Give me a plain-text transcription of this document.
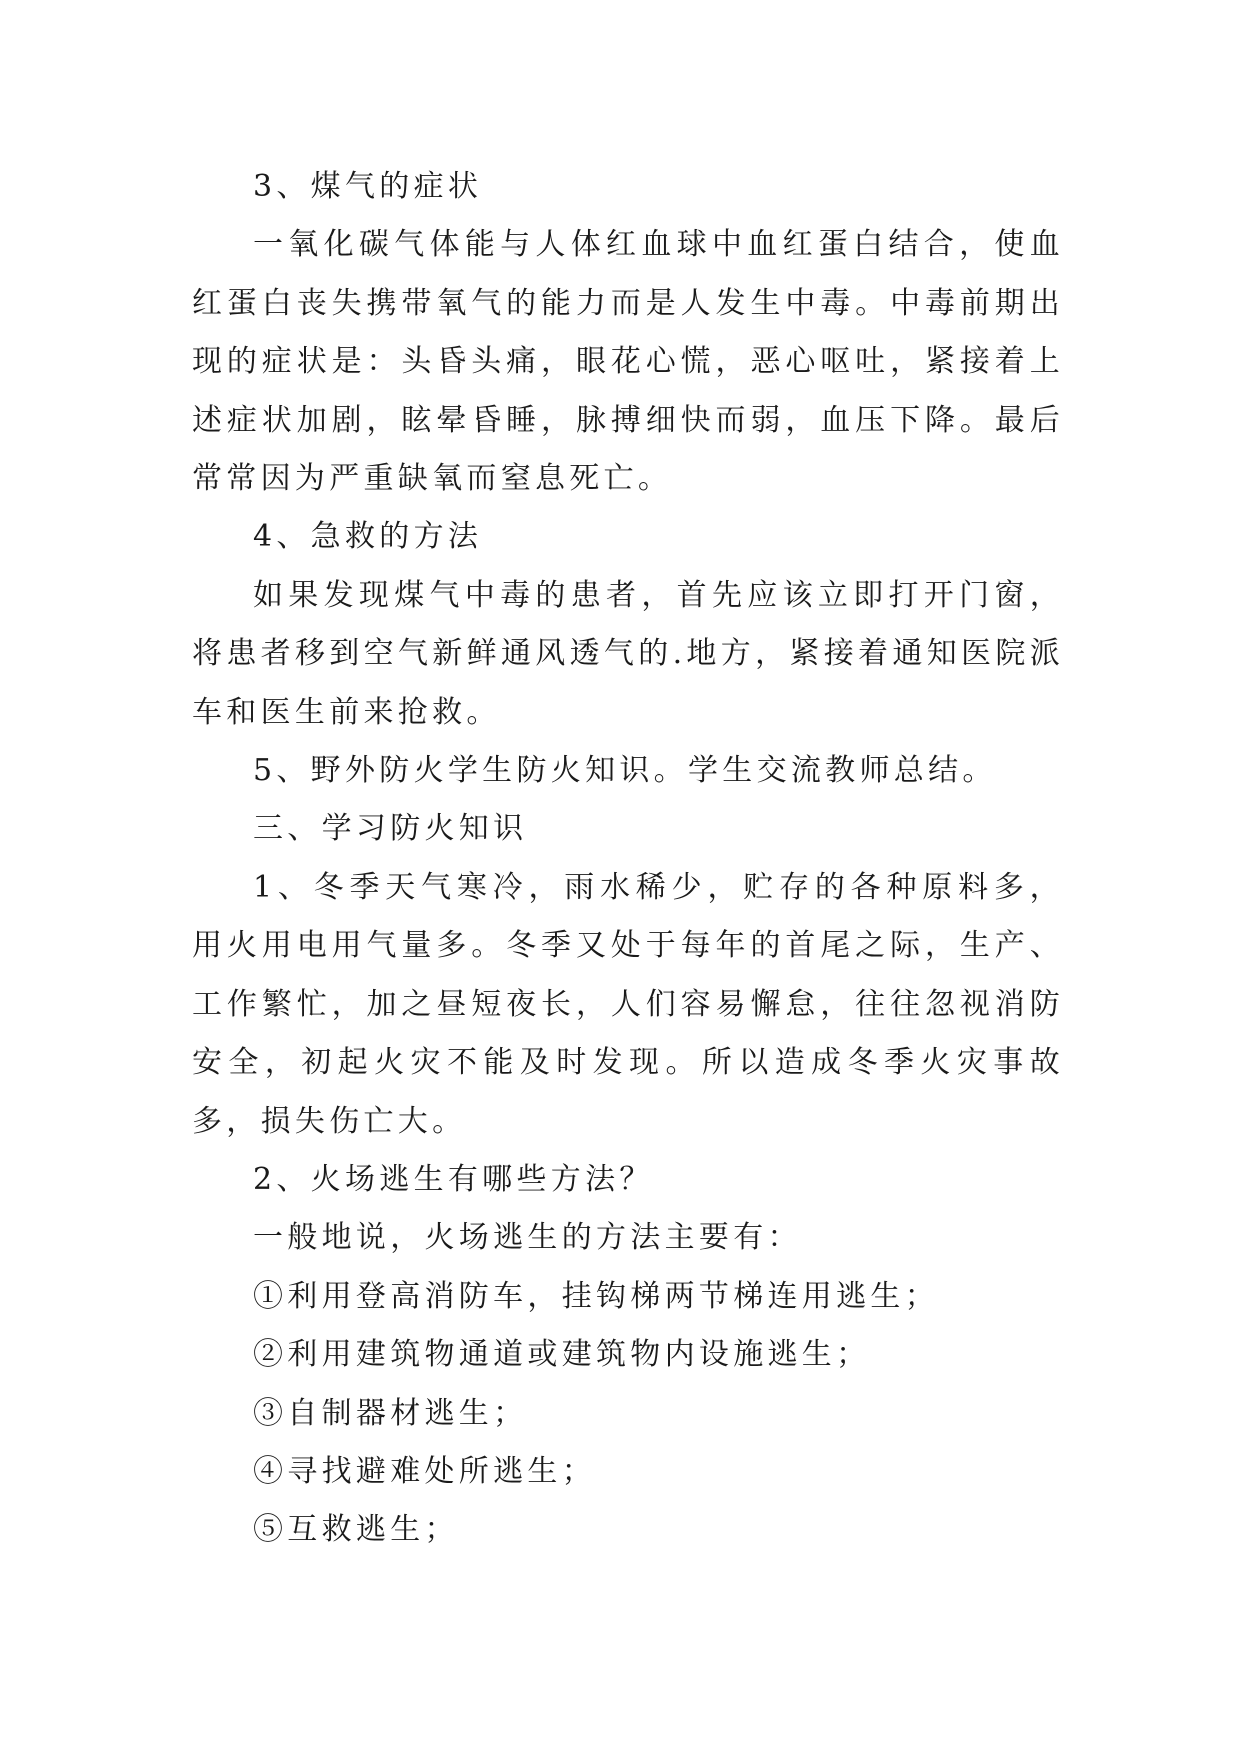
3、煤气的症状

一氧化碳气体能与人体红血球中血红蛋白结合，使血红蛋白丧失携带氧气的能力而是人发生中毒。中毒前期出现的症状是：头昏头痛，眼花心慌，恶心呕吐，紧接着上述症状加剧，眩晕昏睡，脉搏细快而弱，血压下降。最后常常因为严重缺氧而窒息死亡。

4、急救的方法

如果发现煤气中毒的患者，首先应该立即打开门窗，将患者移到空气新鲜通风透气的.地方，紧接着通知医院派车和医生前来抢救。

5、野外防火学生防火知识。学生交流教师总结。

三、学习防火知识

1、冬季天气寒冷，雨水稀少，贮存的各种原料多，用火用电用气量多。冬季又处于每年的首尾之际，生产、工作繁忙，加之昼短夜长，人们容易懈怠，往往忽视消防安全，初起火灾不能及时发现。所以造成冬季火灾事故多，损失伤亡大。

2、火场逃生有哪些方法？

一般地说，火场逃生的方法主要有：

①利用登高消防车，挂钩梯两节梯连用逃生；

②利用建筑物通道或建筑物内设施逃生；

③自制器材逃生；

④寻找避难处所逃生；

⑤互救逃生；
